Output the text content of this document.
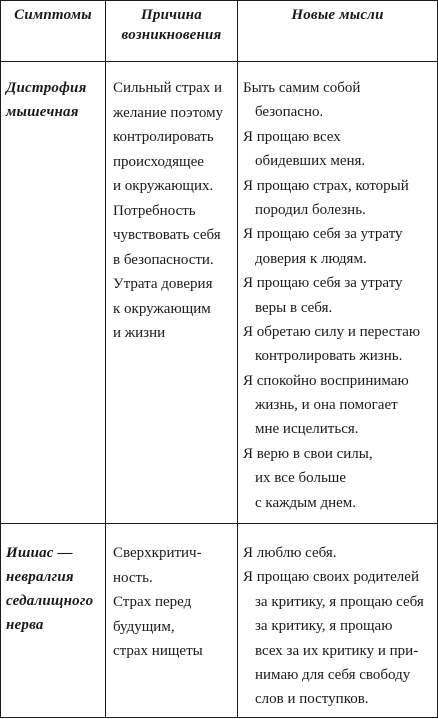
Симптомы	Причина
возникновения
Новые мысли
Дистрофия
мышечная
Сильный страх и
желание поэтому
контролировать
происходящее
и окружающих.
Потребность
чувствовать себя
в безопасности.
Утрата доверия
к окружающим
и жизни
Быть самим собой
безопасно.
Я прощаю всех
обидевших меня.
Я прощаю страх, который
породил болезнь.
Я прощаю себя за утрату
доверия к людям.
Я прощаю себя за утрату
веры в себя.
Я обретаю силу и перестаю
контролировать жизнь.
Я спокойно воспринимаю
жизнь, и она помогает
мне исцелиться.
Я верю в свои силы,
их все больше
с каждым днем.
Ишиас —
невралгия
седалищного
нерва
Сверхкритич-
ность.
Страх перед
будущим,
страх нищеты
Я люблю себя.
Я прощаю своих родителей
за критику, я прощаю себя
за критику, я прощаю
всех за их критику и при-
нимаю для себя свободу
слов и поступков.
